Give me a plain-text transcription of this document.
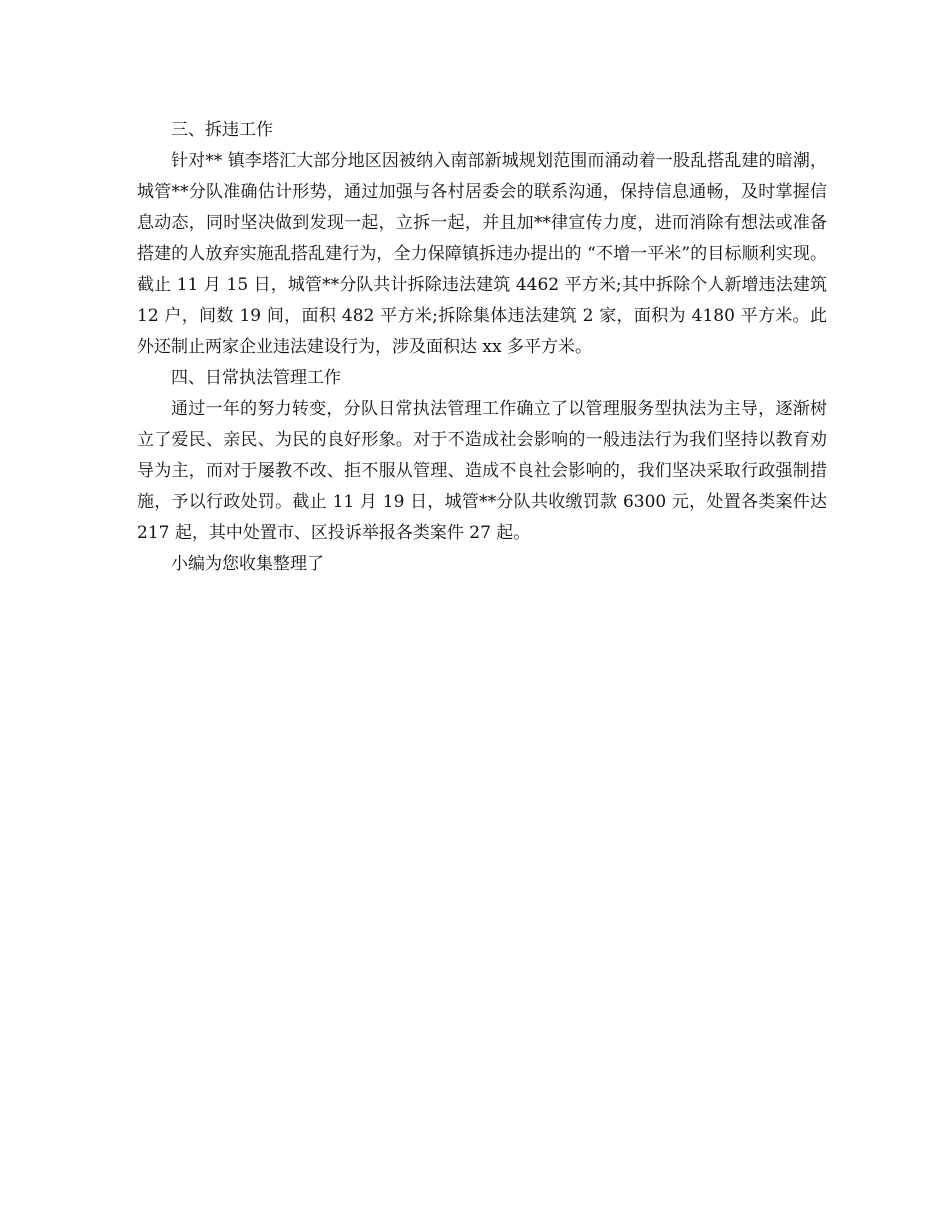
三、拆违工作

针对** 镇李塔汇大部分地区因被纳入南部新城规划范围而涌动着一股乱搭乱建的暗潮，城管**分队准确估计形势，通过加强与各村居委会的联系沟通，保持信息通畅，及时掌握信息动态，同时坚决做到发现一起，立拆一起，并且加**律宣传力度，进而消除有想法或准备搭建的人放弃实施乱搭乱建行为，全力保障镇拆违办提出的 “不增一平米”的目标顺利实现。截止 11 月 15 日，城管**分队共计拆除违法建筑 4462 平方米;其中拆除个人新增违法建筑 12 户，间数 19 间，面积 482 平方米;拆除集体违法建筑 2 家，面积为 4180 平方米。此外还制止两家企业违法建设行为，涉及面积达 xx 多平方米。

四、日常执法管理工作

通过一年的努力转变，分队日常执法管理工作确立了以管理服务型执法为主导，逐渐树立了爱民、亲民、为民的良好形象。对于不造成社会影响的一般违法行为我们坚持以教育劝导为主，而对于屡教不改、拒不服从管理、造成不良社会影响的，我们坚决采取行政强制措施，予以行政处罚。截止 11 月 19 日，城管**分队共收缴罚款 6300 元，处置各类案件达 217 起，其中处置市、区投诉举报各类案件 27 起。

小编为您收集整理了
